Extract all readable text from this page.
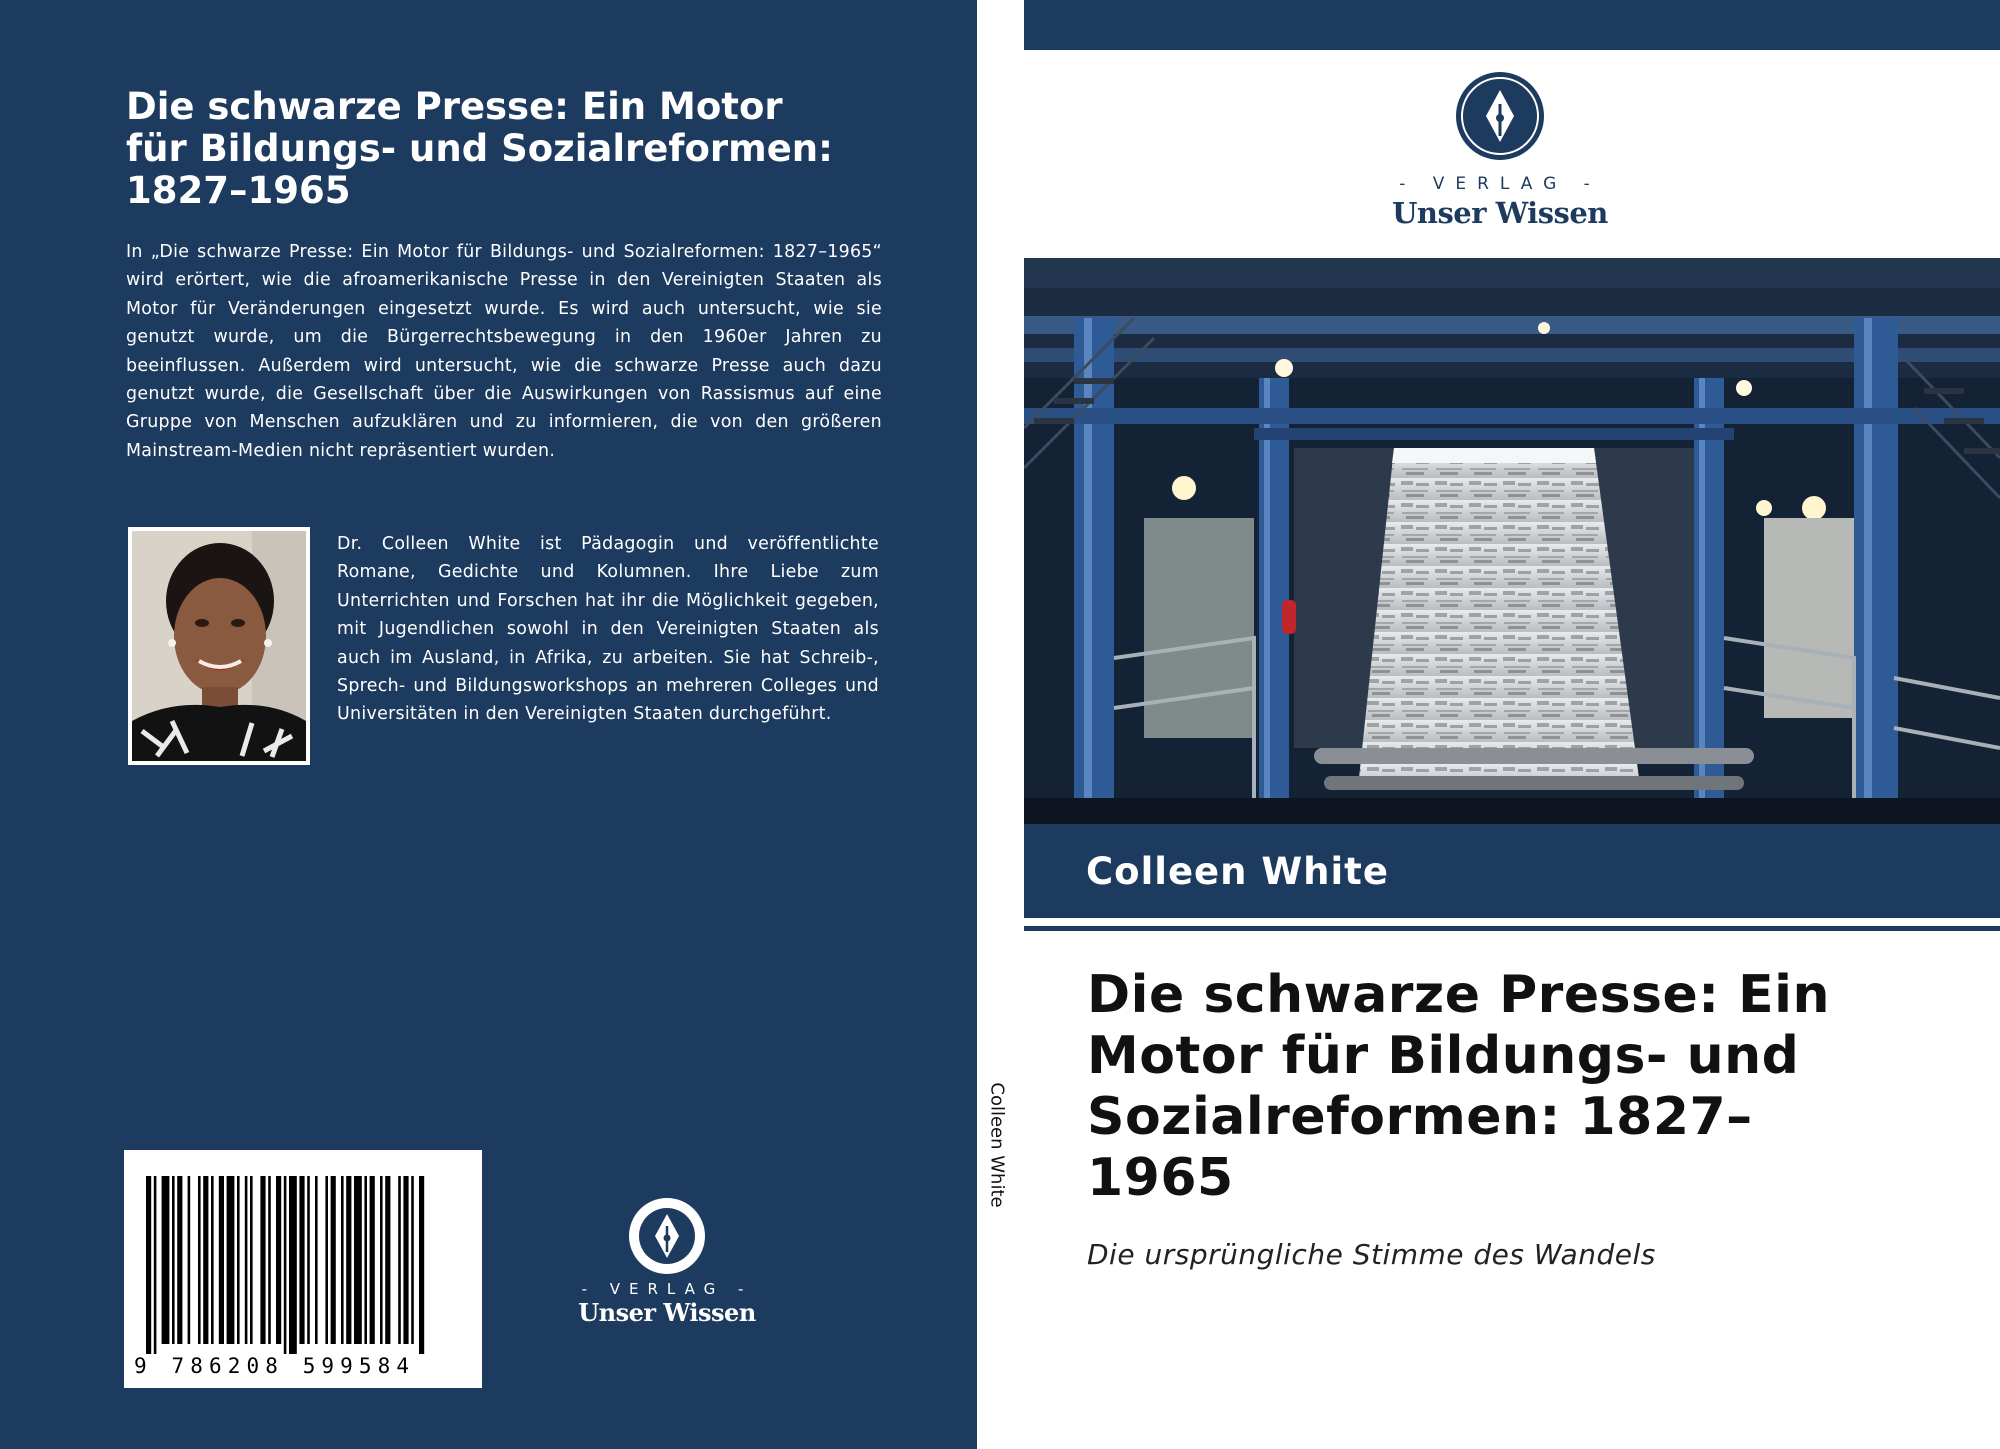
Die schwarze Presse: Ein Motor
für Bildungs- und Sozialreformen:
1827–1965

In „Die schwarze Presse: Ein Motor für Bildungs- und Sozialreformen: 1827–1965“ wird erörtert, wie die afroamerikanische Presse in den Vereinigten Staaten als Motor für Veränderungen eingesetzt wurde. Es wird auch untersucht, wie sie genutzt wurde, um die Bürgerrechtsbewegung in den 1960er Jahren zu beeinflussen. Außerdem wird untersucht, wie die schwarze Presse auch dazu genutzt wurde, die Gesellschaft über die Auswirkungen von Rassismus auf eine Gruppe von Menschen aufzuklären und zu informieren, die von den größeren Mainstream-Medien nicht repräsentiert wurden.

Dr. Colleen White ist Pädagogin und veröffentlichte Romane, Gedichte und Kolumnen. Ihre Liebe zum Unterrichten und Forschen hat ihr die Möglichkeit gegeben, mit Jugendlichen sowohl in den Vereinigten Staaten als auch im Ausland, in Afrika, zu arbeiten. Sie hat Schreib-, Sprech- und Bildungsworkshops an mehreren Colleges und Universitäten in den Vereinigten Staaten durchgeführt.

9 786208 599584
- VERLAG -
Unser Wissen
Colleen White
- VERLAG -
Unser Wissen
Colleen White
Die schwarze Presse: Ein
Motor für Bildungs- und
Sozialreformen: 1827–
1965
Die ursprüngliche Stimme des Wandels
